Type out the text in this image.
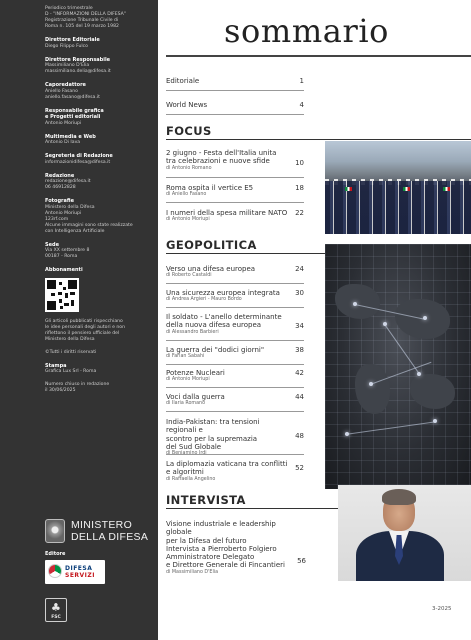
Periodico trimestrale
D - "INFORMAZIONI DELLA DIFESA"
Registrazione Tribunale Civile di
Roma n. 105 del 19 marzo 1982
Direttore Editoriale
Diego Filippo Fulco
Direttore Responsabile
Massimiliano D'Elia
massimiliano.delia@difesa.it
Caporedattore
Aniello Fasano
aniello.fasano@difesa.it
Responsabile grafica
e Progetti editoriali
Antonio Moriupi
Multimedia e Web
Antonio Di Iava
Segreteria di Redazione
informazionidifesa@difesa.it
Redazione
redazione@difesa.it
06 46912828
Fotografie
Ministero della Difesa
Antonio Moriupi
123rf.com
Alcune immagini sono state realizzate
con Intelligenza Artificiale
Sede
Via XX settembre 8
00187 - Roma
Abbonamenti
Gli articoli pubblicati rispecchiano
le idee personali degli autori e non
riflettono il pensiero ufficiale del
Ministero della Difesa
©Tutti i diritti riservati
Stampa
Grafica Lux Srl - Roma
Numero chiuso in redazione
il 30/06/2025
MINISTERO
DELLA DIFESA
Editore
DIFESA
SERVIZI
♣
FSC
sommario
Editoriale	1
World News	4
FOCUS
2 giugno - Festa dell'Italia unita
tra celebrazioni e nuove sfide
di Antonio Romano
10
Roma ospita il vertice E5
di Aniello Fasano
18
I numeri della spesa militare NATO
di Antonio Moriupi
22
GEOPOLITICA
Verso una difesa europea
di Roberto Castaldi
24
Una sicurezza europea integrata
di Andrea Argieri - Mauro Bordo
30
Il soldato - L'anello determinante
della nuova difesa europea
di Alessandro Barbieri
34
La guerra dei "dodici giorni"
di Farian Sabahi
38
Potenze Nucleari
di Antonio Moriupi
42
Voci dalla guerra
di Ilaria Romano
44
India-Pakistan: tra tensioni regionali e
scontro per la supremazia
del Sud Globale
48
La diplomazia vaticana tra conflitti
e algoritmi
di Raffaella Angelino
52
INTERVISTA
Visione industriale e leadership globale
per la Difesa del futuro
Intervista a Pierroberto Folgiero
Amministratore Delegato
e Direttore Generale di Fincantieri
di Massimiliano D'Elia
56
3-2025
